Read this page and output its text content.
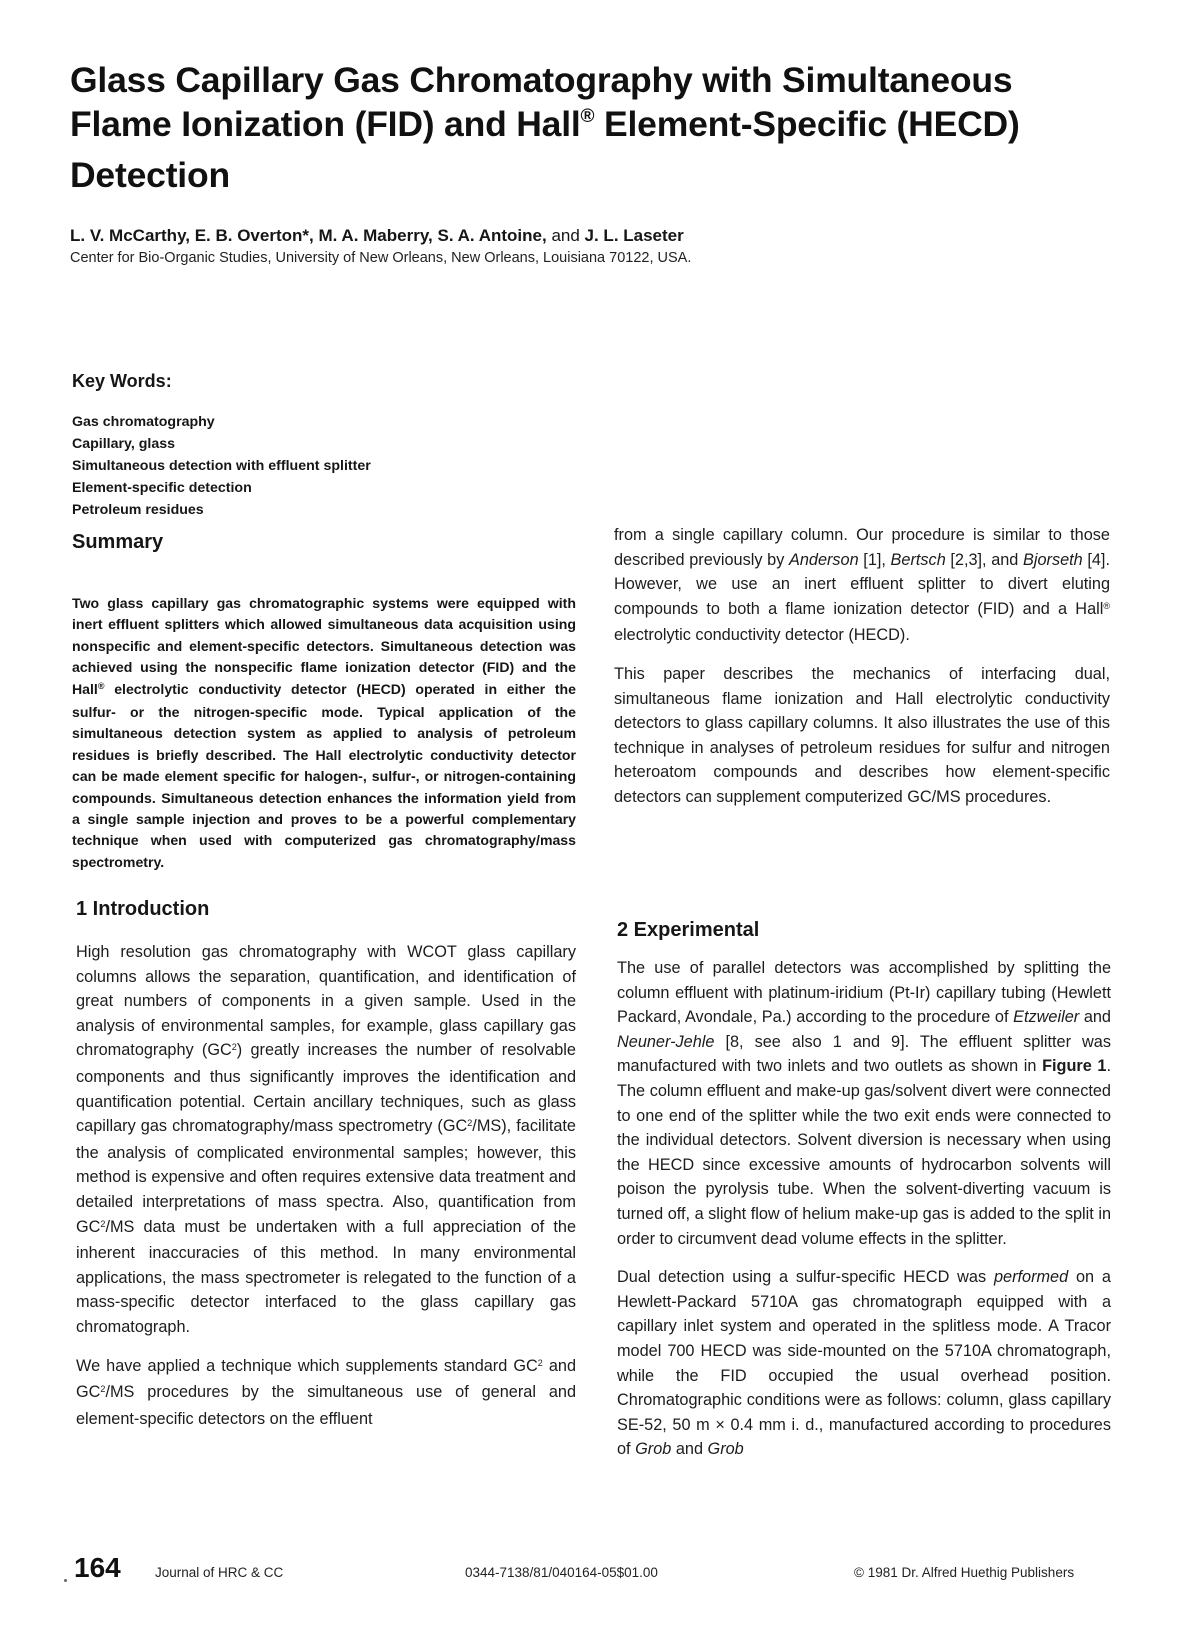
Glass Capillary Gas Chromatography with Simultaneous
Flame Ionization (FID) and Hall® Element-Specific (HECD)
Detection
L. V. McCarthy, E. B. Overton*, M. A. Maberry, S. A. Antoine, and J. L. Laseter
Center for Bio-Organic Studies, University of New Orleans, New Orleans, Louisiana 70122, USA.
Key Words:
Gas chromatography
Capillary, glass
Simultaneous detection with effluent splitter
Element-specific detection
Petroleum residues
Summary

Two glass capillary gas chromatographic systems were equipped with inert effluent splitters which allowed simultaneous data acquisition using nonspecific and element-specific detectors. Simultaneous detection was achieved using the nonspecific flame ionization detector (FID) and the Hall® electrolytic conductivity detector (HECD) operated in either the sulfur- or the nitrogen-specific mode. Typical application of the simultaneous detection system as applied to analysis of petroleum residues is briefly described. The Hall electrolytic conductivity detector can be made element specific for halogen-, sulfur-, or nitrogen-containing compounds. Simultaneous detection enhances the information yield from a single sample injection and proves to be a powerful complementary technique when used with computerized gas chromatography/mass spectrometry.

1 Introduction

High resolution gas chromatography with WCOT glass capillary columns allows the separation, quantification, and identification of great numbers of components in a given sample. Used in the analysis of environmental samples, for example, glass capillary gas chromatography $(GC^2)$ greatly increases the number of resolvable components and thus significantly improves the identification and quantification potential. Certain ancillary techniques, such as glass capillary gas chromatography/mass spectrometry $(GC^2/MS)$, facilitate the analysis of complicated environmental samples; however, this method is expensive and often requires extensive data treatment and detailed interpretations of mass spectra. Also, quantification from $GC^2/MS$ data must be undertaken with a full appreciation of the inherent inaccuracies of this method. In many environmental applications, the mass spectrometer is relegated to the function of a mass-specific detector interfaced to the glass capillary gas chromatograph.

We have applied a technique which supplements standard $GC^2$ and $GC^2/MS$ procedures by the simultaneous use of general and element-specific detectors on the effluent

from a single capillary column. Our procedure is similar to those described previously by Anderson [1], Bertsch [2,3], and Bjorseth [4]. However, we use an inert effluent splitter to divert eluting compounds to both a flame ionization detector (FID) and a Hall® electrolytic conductivity detector (HECD).

This paper describes the mechanics of interfacing dual, simultaneous flame ionization and Hall electrolytic conductivity detectors to glass capillary columns. It also illustrates the use of this technique in analyses of petroleum residues for sulfur and nitrogen heteroatom compounds and describes how element-specific detectors can supplement computerized GC/MS procedures.

2 Experimental

The use of parallel detectors was accomplished by splitting the column effluent with platinum-iridium (Pt-Ir) capillary tubing (Hewlett Packard, Avondale, Pa.) according to the procedure of Etzweiler and Neuner-Jehle [8, see also 1 and 9]. The effluent splitter was manufactured with two inlets and two outlets as shown in Figure 1. The column effluent and make-up gas/solvent divert were connected to one end of the splitter while the two exit ends were connected to the individual detectors. Solvent diversion is necessary when using the HECD since excessive amounts of hydrocarbon solvents will poison the pyrolysis tube. When the solvent-diverting vacuum is turned off, a slight flow of helium make-up gas is added to the split in order to circumvent dead volume effects in the splitter.

Dual detection using a sulfur-specific HECD was performed on a Hewlett-Packard 5710A gas chromatograph equipped with a capillary inlet system and operated in the splitless mode. A Tracor model 700 HECD was side-mounted on the 5710A chromatograph, while the FID occupied the usual overhead position. Chromatographic conditions were as follows: column, glass capillary SE-52, 50 m × 0.4 mm i. d., manufactured according to procedures of Grob and Grob

164	Journal of HRC & CC	0344-7138/81/040164-05$01.00	© 1981 Dr. Alfred Huethig Publishers
